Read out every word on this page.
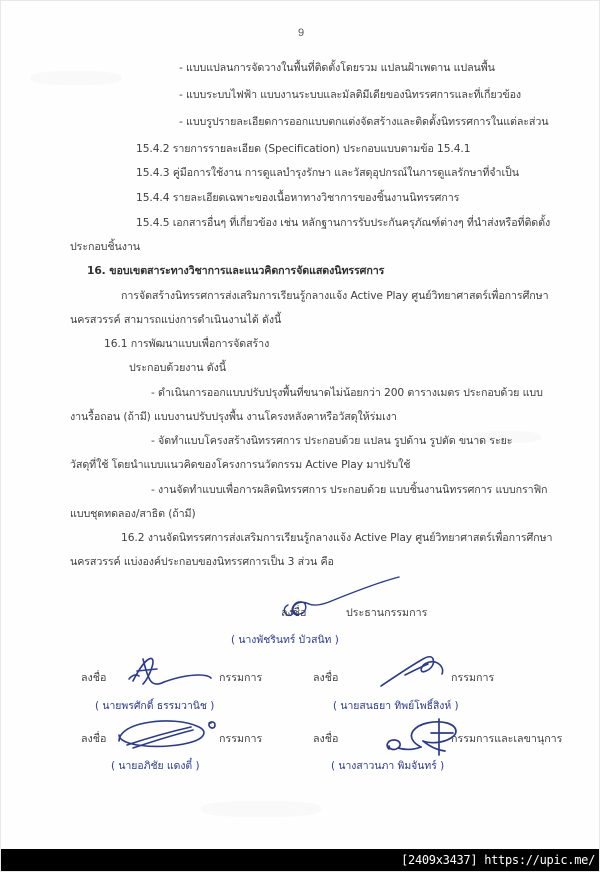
9
- แบบแปลนการจัดวางในพื้นที่ติดตั้งโดยรวม แปลนฝ้าเพดาน แปลนพื้น
- แบบระบบไฟฟ้า แบบงานระบบและมัลติมีเดียของนิทรรศการและที่เกี่ยวข้อง
- แบบรูปรายละเอียดการออกแบบตกแต่งจัดสร้างและติดตั้งนิทรรศการในแต่ละส่วน
15.4.2 รายการรายละเอียด (Specification) ประกอบแบบตามข้อ 15.4.1
15.4.3 คู่มือการใช้งาน การดูแลบำรุงรักษา และวัสดุอุปกรณ์ในการดูแลรักษาที่จำเป็น
15.4.4 รายละเอียดเฉพาะของเนื้อหาทางวิชาการของชิ้นงานนิทรรศการ
15.4.5 เอกสารอื่นๆ ที่เกี่ยวข้อง เช่น หลักฐานการรับประกันครุภัณฑ์ต่างๆ ที่นำส่งหรือที่ติดตั้ง
ประกอบชิ้นงาน
16. ขอบเขตสาระทางวิชาการและแนวคิดการจัดแสดงนิทรรศการ
การจัดสร้างนิทรรศการส่งเสริมการเรียนรู้กลางแจ้ง Active Play ศูนย์วิทยาศาสตร์เพื่อการศึกษา
นครสวรรค์ สามารถแบ่งการดำเนินงานได้ ดังนี้
16.1 การพัฒนาแบบเพื่อการจัดสร้าง
ประกอบด้วยงาน ดังนี้
- ดำเนินการออกแบบปรับปรุงพื้นที่ขนาดไม่น้อยกว่า 200 ตารางเมตร ประกอบด้วย แบบ
งานรื้อถอน (ถ้ามี) แบบงานปรับปรุงพื้น งานโครงหลังคาหรือวัสดุให้ร่มเงา
- จัดทำแบบโครงสร้างนิทรรศการ ประกอบด้วย แปลน รูปด้าน รูปตัด ขนาด ระยะ
วัสดุที่ใช้ โดยนำแบบแนวคิดของโครงการนวัตกรรม Active Play มาปรับใช้
- งานจัดทำแบบเพื่อการผลิตนิทรรศการ ประกอบด้วย แบบชิ้นงานนิทรรศการ แบบกราฟิก
แบบชุดทดลอง/สาธิต (ถ้ามี)
16.2 งานจัดนิทรรศการส่งเสริมการเรียนรู้กลางแจ้ง Active Play ศูนย์วิทยาศาสตร์เพื่อการศึกษา
นครสวรรค์ แบ่งองค์ประกอบของนิทรรศการเป็น 3 ส่วน คือ
ลงชื่อ	ประธานกรรมการ
( นางพัชรินทร์ บัวสนิท )
ลงชื่อ	กรรมการ
( นายพรศักดิ์ ธรรมวานิช )
ลงชื่อ	กรรมการ
( นายสนธยา ทิพย์โพธิ์สิงห์ )
ลงชื่อ	กรรมการ
( นายอภิชัย แดงตี๋ )
ลงชื่อ	กรรมการและเลขานุการ
( นางสาวนภา พิมจันทร์ )
[2409x3437] https://upic.me/
